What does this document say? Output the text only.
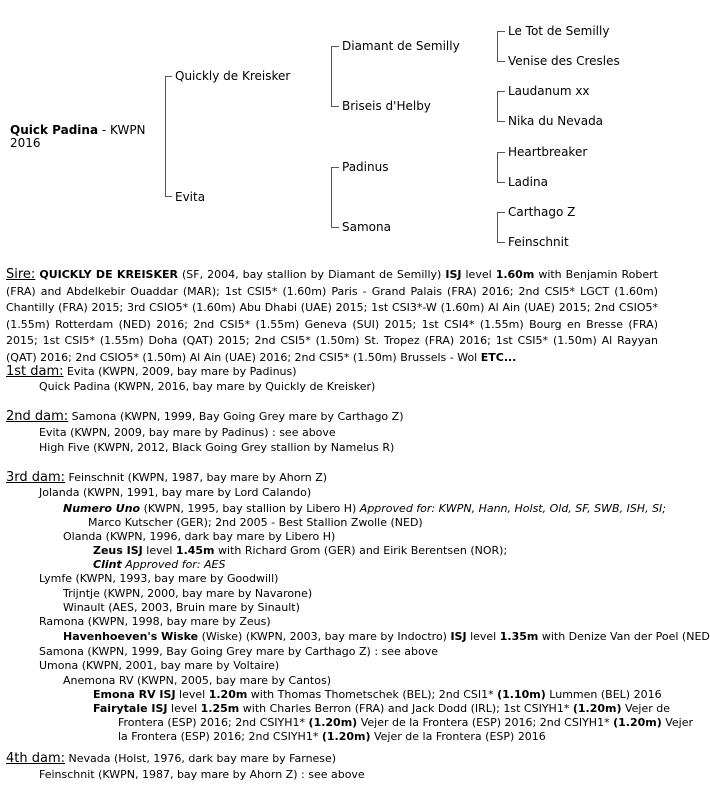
Quick Padina - KWPN
2016
Quickly de Kreisker
Evita
Diamant de Semilly
Briseis d'Helby
Padinus
Samona
Le Tot de Semilly
Venise des Cresles
Laudanum xx
Nika du Nevada
Heartbreaker
Ladina
Carthago Z
Feinschnit
Sire: QUICKLY DE KREISKER (SF, 2004, bay stallion by Diamant de Semilly) ISJ level 1.60m with Benjamin Robert (FRA) and Abdelkebir Ouaddar (MAR); 1st CSI5* (1.60m) Paris - Grand Palais (FRA) 2016; 2nd CSI5* LGCT (1.60m) Chantilly (FRA) 2015; 3rd CSIO5* (1.60m) Abu Dhabi (UAE) 2015; 1st CSI3*-W (1.60m) Al Ain (UAE) 2015; 2nd CSIO5* (1.55m) Rotterdam (NED) 2016; 2nd CSI5* (1.55m) Geneva (SUI) 2015; 1st CSI4* (1.55m) Bourg en Bresse (FRA) 2015; 1st CSI5* (1.55m) Doha (QAT) 2015; 2nd CSI5* (1.50m) St. Tropez (FRA) 2016; 1st CSI5* (1.50m) Al Rayyan (QAT) 2016; 2nd CSIO5* (1.50m) Al Ain (UAE) 2016; 2nd CSI5* (1.50m) Brussels - Wol ETC...
1st dam: Evita (KWPN, 2009, bay mare by Padinus)
Quick Padina (KWPN, 2016, bay mare by Quickly de Kreisker)
2nd dam: Samona (KWPN, 1999, Bay Going Grey mare by Carthago Z)
Evita (KWPN, 2009, bay mare by Padinus) : see above
High Five (KWPN, 2012, Black Going Grey stallion by Namelus R)
3rd dam: Feinschnit (KWPN, 1987, bay mare by Ahorn Z)
Jolanda (KWPN, 1991, bay mare by Lord Calando)
Numero Uno (KWPN, 1995, bay stallion by Libero H) Approved for: KWPN, Hann, Holst, Old, SF, SWB, ISH, SI;
Marco Kutscher (GER); 2nd 2005 - Best Stallion Zwolle (NED)
Olanda (KWPN, 1996, dark bay mare by Libero H)
Zeus ISJ level 1.45m with Richard Grom (GER) and Eirik Berentsen (NOR);
Clint Approved for: AES
Lymfe (KWPN, 1993, bay mare by Goodwill)
Trijntje (KWPN, 2000, bay mare by Navarone)
Winault (AES, 2003, Bruin mare by Sinault)
Ramona (KWPN, 1998, bay mare by Zeus)
Havenhoeven's Wiske (Wiske) (KWPN, 2003, bay mare by Indoctro) ISJ level 1.35m with Denize Van der Poel (NED
Samona (KWPN, 1999, Bay Going Grey mare by Carthago Z) : see above
Umona (KWPN, 2001, bay mare by Voltaire)
Anemona RV (KWPN, 2005, bay mare by Cantos)
Emona RV ISJ level 1.20m with Thomas Thometschek (BEL); 2nd CSI1* (1.10m) Lummen (BEL) 2016
Fairytale ISJ level 1.25m with Charles Berron (FRA) and Jack Dodd (IRL); 1st CSIYH1* (1.20m) Vejer de
Frontera (ESP) 2016; 2nd CSIYH1* (1.20m) Vejer de la Frontera (ESP) 2016; 2nd CSIYH1* (1.20m) Vejer
la Frontera (ESP) 2016; 2nd CSIYH1* (1.20m) Vejer de la Frontera (ESP) 2016
4th dam: Nevada (Holst, 1976, dark bay mare by Farnese)
Feinschnit (KWPN, 1987, bay mare by Ahorn Z) : see above
